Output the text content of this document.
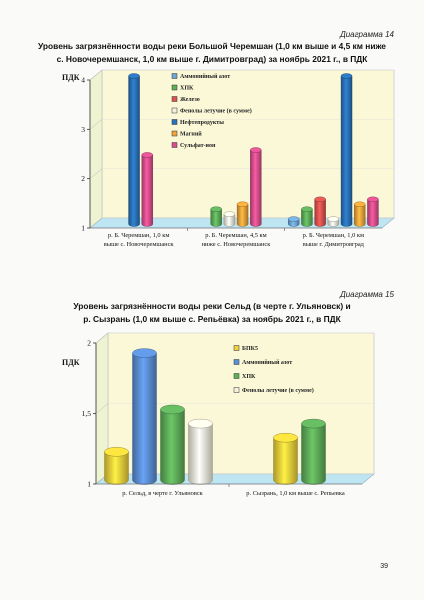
Диаграмма 14
Уровень загрязнённости воды реки Большой Черемшан (1,0 км выше и 4,5 км ниже
с. Новочеремшанск, 1,0 км выше г. Димитровград) за ноябрь 2021 г., в ПДК
1
2
3
4
ПДК
р. Б. Черемшан, 1,0 км
выше с. Новочеремшанск
р. Б. Черемшан, 4,5 км
ниже с. Новочеремшанск
р. Б. Черемшан, 1,0 км
выше г. Димитровград
Аммонийный азот
ХПК
Железо
Фенолы летучие (в сумме)
Нефтепродукты
Магний
Сульфат-ион
Диаграмма 15
Уровень загрязнённости воды реки Сельд (в черте г. Ульяновск) и
р. Сызрань (1,0 км выше с. Репьёвка) за ноябрь 2021 г., в ПДК
1
1,5
2
ПДК
р. Сельд, в черте г. Ульяновск	р. Сызрань, 1,0 км выше с. Репьевка
БПК5
Аммонийный азот
ХПК
Фенолы летучие (в сумме)
39
